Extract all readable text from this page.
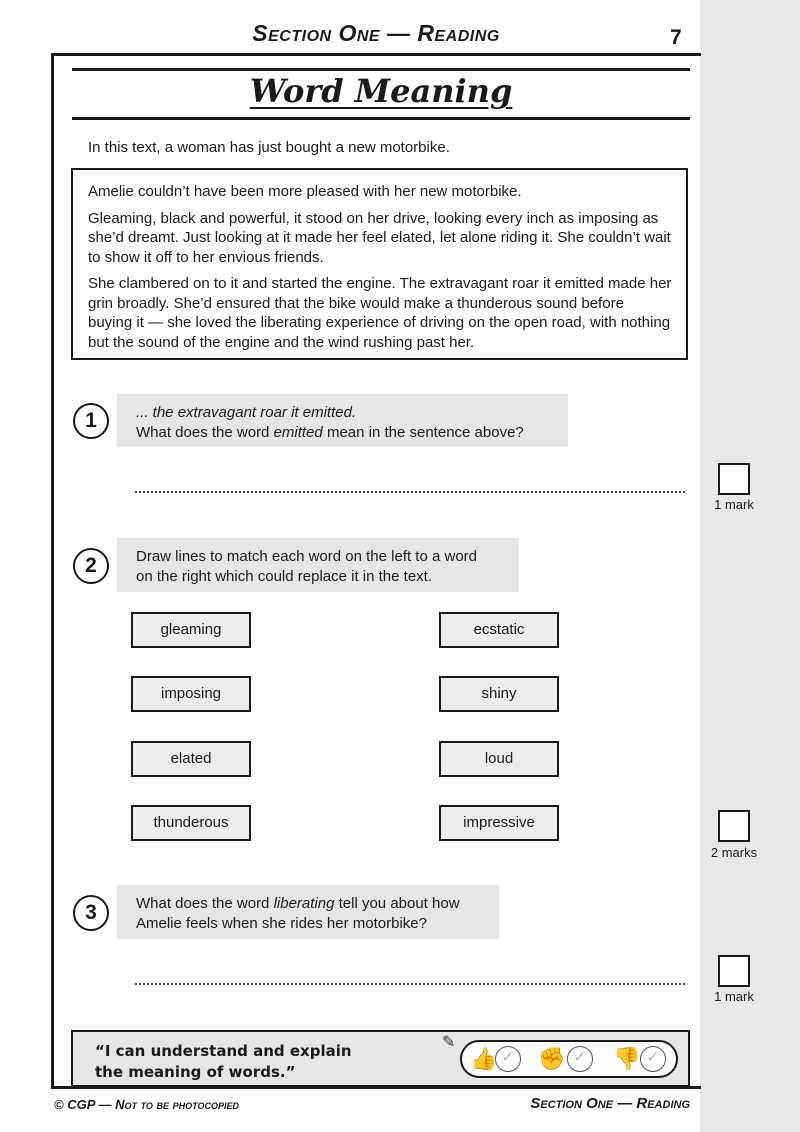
Section One — Reading	7
Word Meaning
In this text, a woman has just bought a new motorbike.

Amelie couldn’t have been more pleased with her new motorbike.

Gleaming, black and powerful, it stood on her drive, looking every inch as imposing as she’d dreamt. Just looking at it made her feel elated, let alone riding it. She couldn’t wait to show it off to her envious friends.

She clambered on to it and started the engine. The extravagant roar it emitted made her grin broadly. She’d ensured that the bike would make a thunderous sound before buying it — she loved the liberating experience of driving on the open road, with nothing but the sound of the engine and the wind rushing past her.

1	... the extravagant roar it emitted.
What does the word emitted mean in the sentence above?
1 mark
2	Draw lines to match each word on the left to a word
on the right which could replace it in the text.
gleaming
imposing
elated
thunderous
ecstatic
shiny
loud
impressive
2 marks
3	What does the word liberating tell you about how
Amelie feels when she rides her motorbike?
1 mark
“I can understand and explain
the meaning of words.”
✎
👍 ✓ ✊ ✓ 👎 ✓
© CGP — Not to be photocopied	Section One — Reading
